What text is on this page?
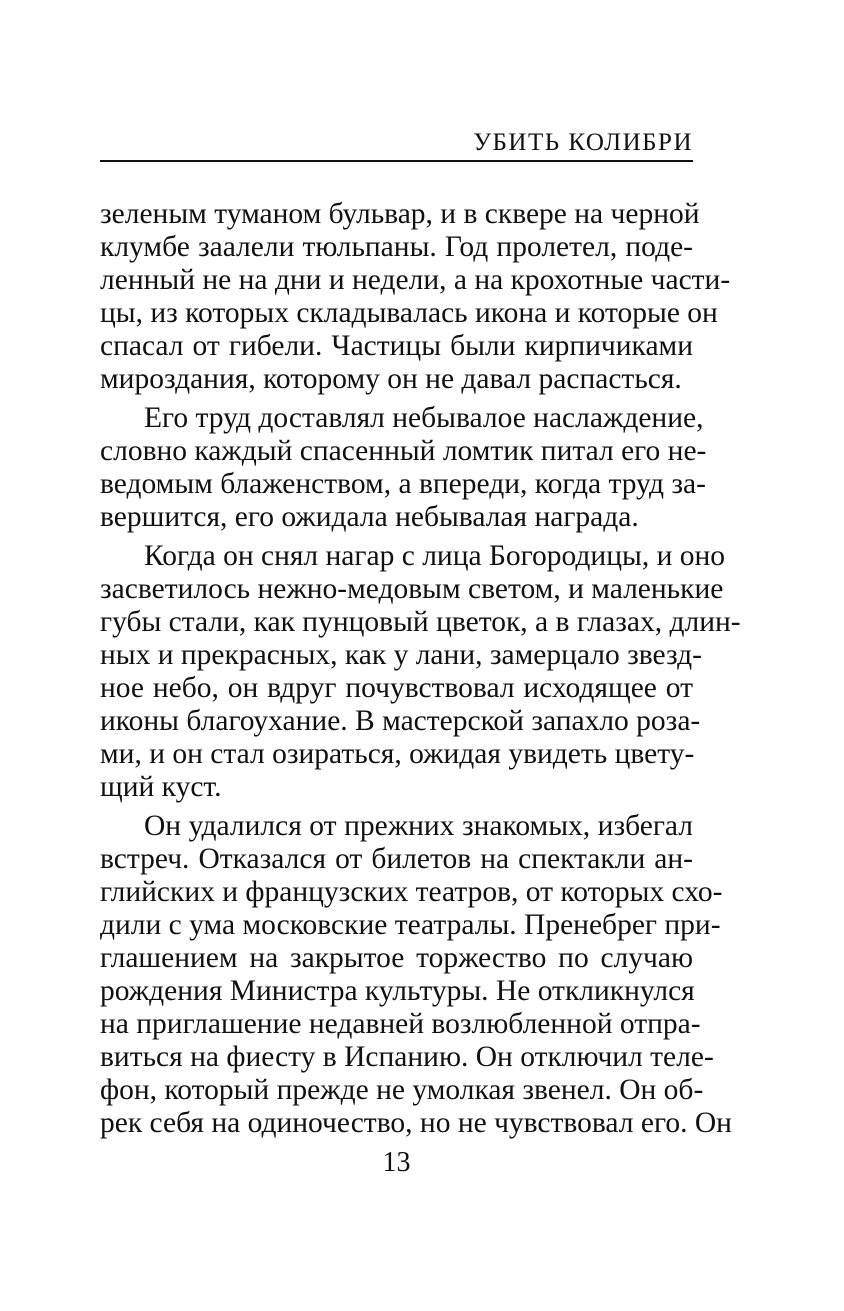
УБИТЬ КОЛИБРИ
зеленым туманом бульвар, и в сквере на черной
клумбе заалели тюльпаны. Год пролетел, поде-
ленный не на дни и недели, а на крохотные части-
цы, из которых складывалась икона и которые он
спасал от гибели. Частицы были кирпичиками
мироздания, которому он не давал распасться.
Его труд доставлял небывалое наслаждение,
словно каждый спасенный ломтик питал его не-
ведомым блаженством, а впереди, когда труд за-
вершится, его ожидала небывалая награда.
Когда он снял нагар с лица Богородицы, и оно
засветилось нежно-медовым светом, и маленькие
губы стали, как пунцовый цветок, а в глазах, длин-
ных и прекрасных, как у лани, замерцало звезд-
ное небо, он вдруг почувствовал исходящее от
иконы благоухание. В мастерской запахло роза-
ми, и он стал озираться, ожидая увидеть цвету-
щий куст.
Он удалился от прежних знакомых, избегал
встреч. Отказался от билетов на спектакли ан-
глийских и французских театров, от которых схо-
дили с ума московские театралы. Пренебрег при-
глашением на закрытое торжество по случаю
рождения Министра культуры. Не откликнулся
на приглашение недавней возлюбленной отпра-
виться на фиесту в Испанию. Он отключил теле-
фон, который прежде не умолкая звенел. Он об-
рек себя на одиночество, но не чувствовал его. Он
13
